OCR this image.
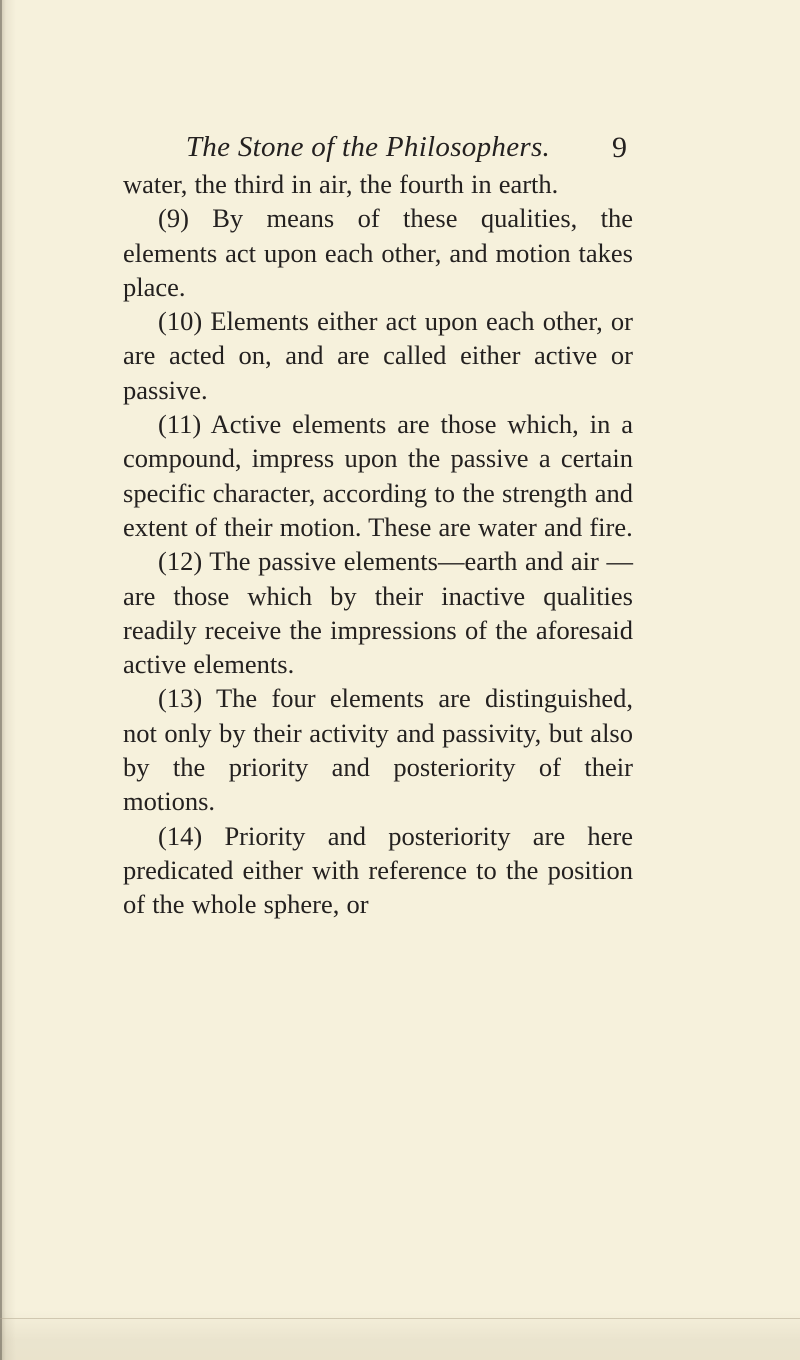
The Stone of the Philosophers.	9

water, the third in air, the fourth in earth.

(9) By means of these qualities, the elements act upon each other, and motion takes place.

(10) Elements either act upon each other, or are acted on, and are called either active or passive.

(11) Active elements are those which, in a compound, impress upon the passive a certain specific character, according to the strength and extent of their motion. These are water and fire.

(12) The passive elements—earth and air — are those which by their inactive qualities readily receive the impressions of the aforesaid active elements.

(13) The four elements are distinguished, not only by their activity and passivity, but also by the priority and posteriority of their motions.

(14) Priority and posteriority are here predicated either with reference to the position of the whole sphere, or
